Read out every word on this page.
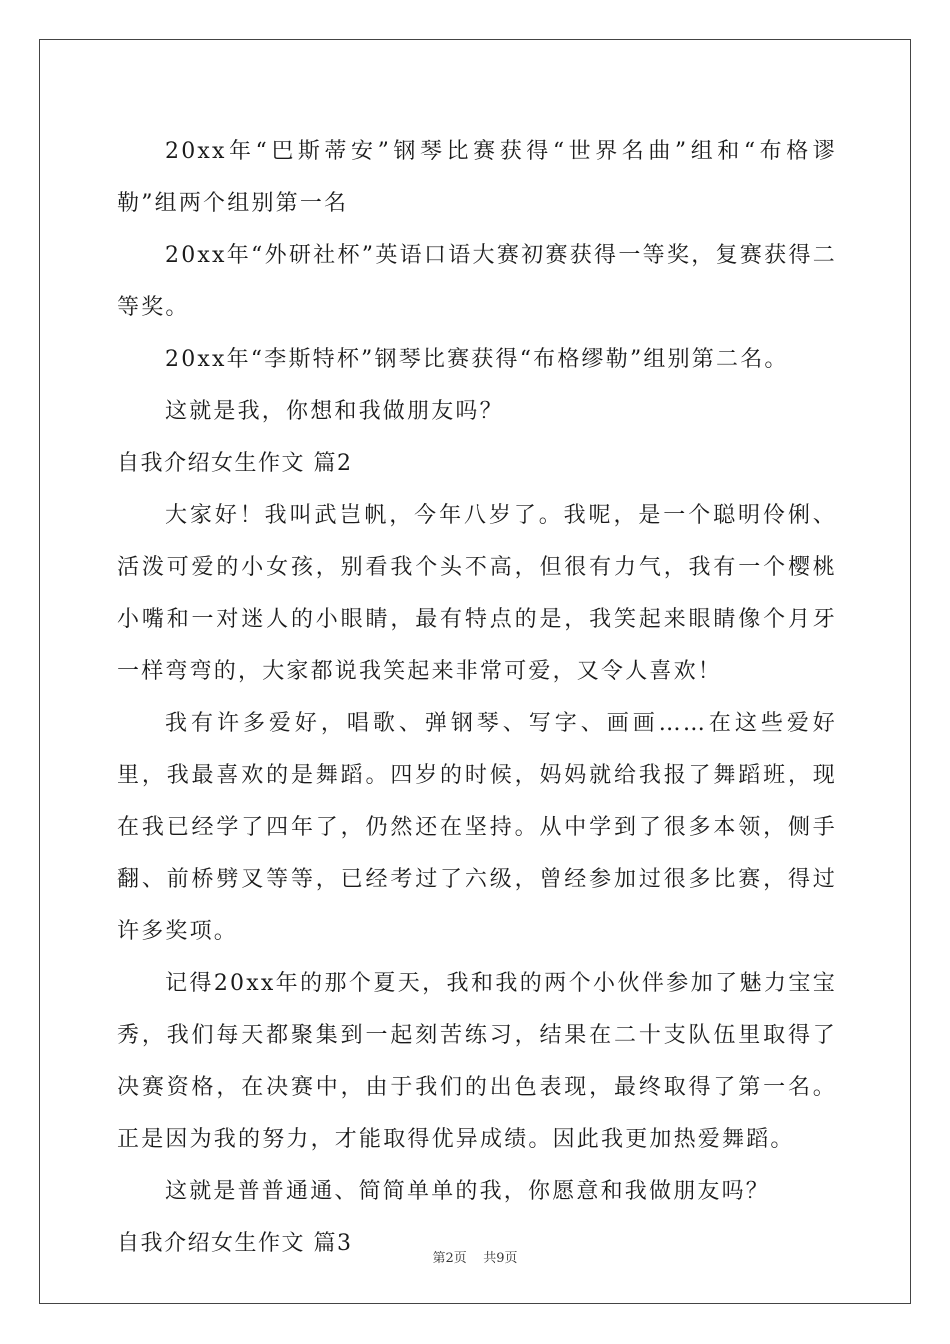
20xx年“巴斯蒂安”钢琴比赛获得“世界名曲”组和“布格谬勒”组两个组别第一名

20xx年“外研社杯”英语口语大赛初赛获得一等奖，复赛获得二等奖。

20xx年“李斯特杯”钢琴比赛获得“布格缪勒”组别第二名。

这就是我，你想和我做朋友吗？

自我介绍女生作文 篇2

大家好！我叫武岂帆，今年八岁了。我呢，是一个聪明伶俐、活泼可爱的小女孩，别看我个头不高，但很有力气，我有一个樱桃小嘴和一对迷人的小眼睛，最有特点的是，我笑起来眼睛像个月牙一样弯弯的，大家都说我笑起来非常可爱，又令人喜欢！

我有许多爱好，唱歌、弹钢琴、写字、画画……在这些爱好里，我最喜欢的是舞蹈。四岁的时候，妈妈就给我报了舞蹈班，现在我已经学了四年了，仍然还在坚持。从中学到了很多本领，侧手翻、前桥劈叉等等，已经考过了六级，曾经参加过很多比赛，得过许多奖项。

记得20xx年的那个夏天，我和我的两个小伙伴参加了魅力宝宝秀，我们每天都聚集到一起刻苦练习，结果在二十支队伍里取得了决赛资格，在决赛中，由于我们的出色表现，最终取得了第一名。正是因为我的努力，才能取得优异成绩。因此我更加热爱舞蹈。

这就是普普通通、简简单单的我，你愿意和我做朋友吗？

自我介绍女生作文 篇3

第2页 共9页
